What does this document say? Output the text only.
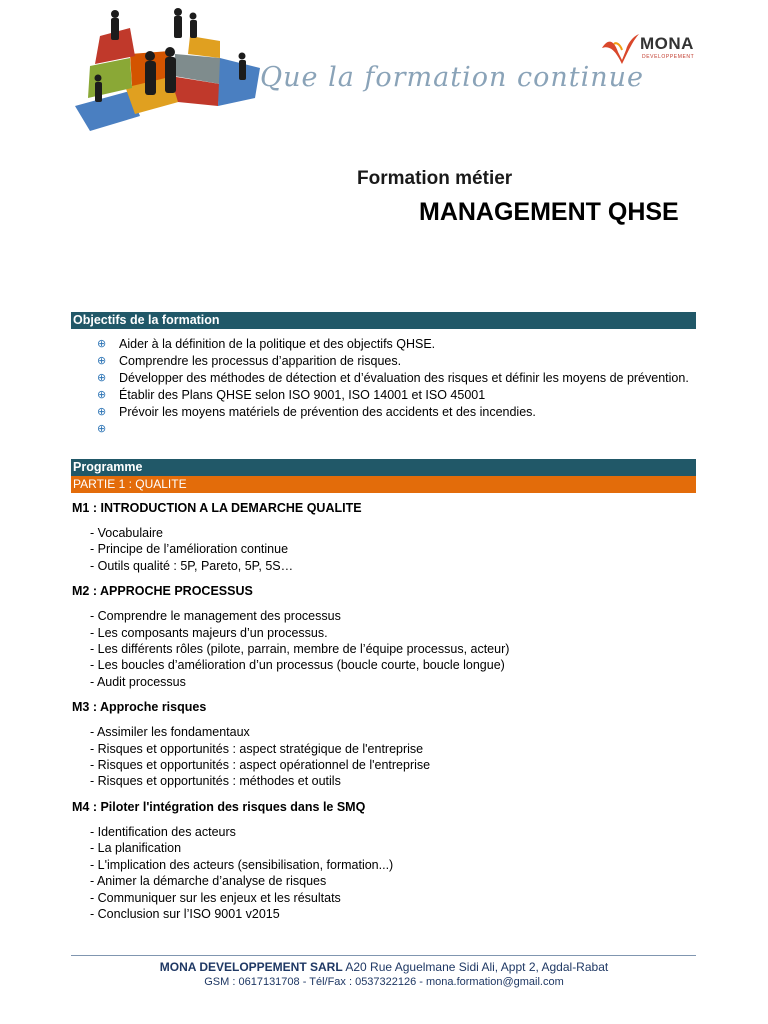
Que la formation continue
MONA
DEVELOPPEMENT
Formation métier
MANAGEMENT QHSE
Objectifs de la formation
⊕ Aider à la définition de la politique et des objectifs QHSE.
⊕ Comprendre les processus d’apparition de risques.
⊕ Développer des méthodes de détection et d’évaluation des risques et définir les moyens de prévention.
⊕ Établir des Plans QHSE selon ISO 9001, ISO 14001 et ISO 45001
⊕ Prévoir les moyens matériels de prévention des accidents et des incendies.
⊕
Programme
PARTIE 1 : QUALITE
M1 : INTRODUCTION A LA DEMARCHE QUALITE
- Vocabulaire
- Principe de l’amélioration continue
- Outils qualité : 5P, Pareto, 5P, 5S…
M2 : APPROCHE PROCESSUS
- Comprendre le management des processus
- Les composants majeurs d’un processus.
- Les différents rôles (pilote, parrain, membre de l’équipe processus, acteur)
- Les boucles d’amélioration d’un processus (boucle courte, boucle longue)
- Audit processus
M3 : Approche risques
- Assimiler les fondamentaux
- Risques et opportunités : aspect stratégique de l'entreprise
- Risques et opportunités : aspect opérationnel de l'entreprise
- Risques et opportunités : méthodes et outils
M4 : Piloter l'intégration des risques dans le SMQ
- Identification des acteurs
- La planification
- L'implication des acteurs (sensibilisation, formation...)
- Animer la démarche d’analyse de risques
- Communiquer sur les enjeux et les résultats
- Conclusion sur l’ISO 9001 v2015
MONA DEVELOPPEMENT SARL A20 Rue Aguelmane Sidi Ali, Appt 2, Agdal-Rabat
GSM : 0617131708 - Tél/Fax : 0537322126 - mona.formation@gmail.com
